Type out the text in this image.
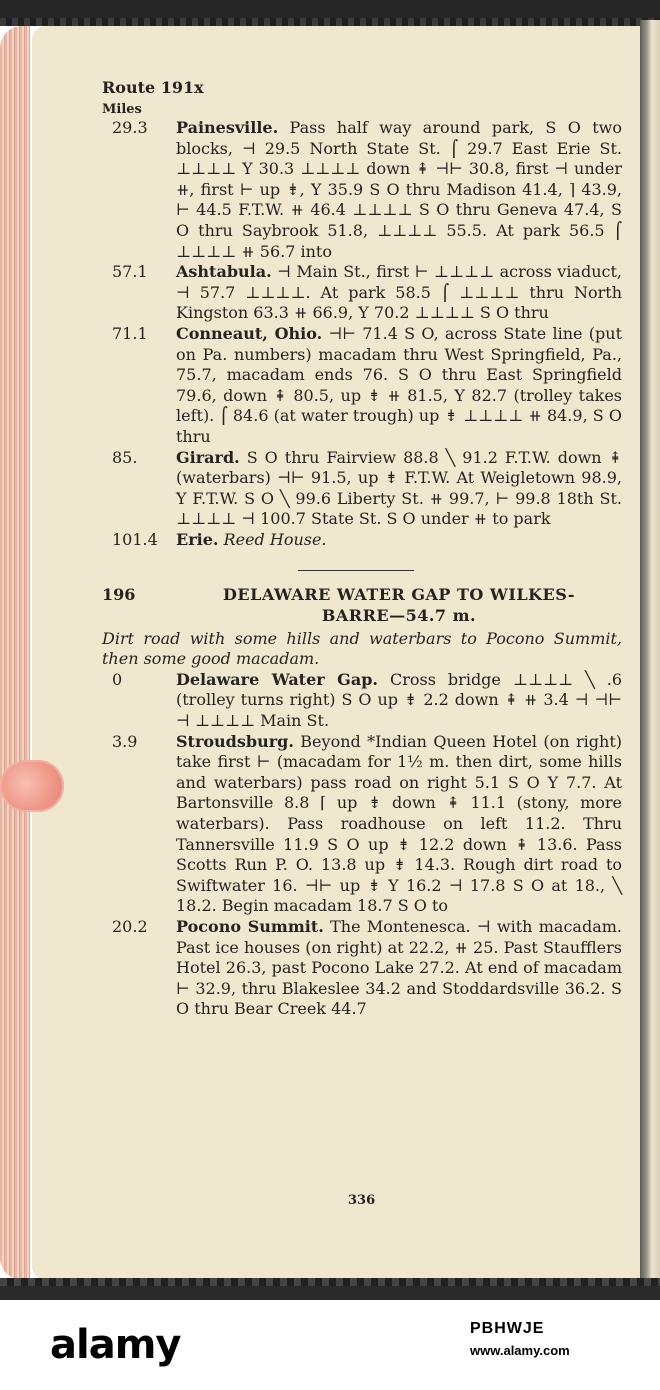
Route 191x
Miles
29.3	Painesville. Pass half way around park, S O two blocks, ⊣ 29.5 North State St. ⌠ 29.7 East Erie St. ⊥⊥⊥⊥ Y 30.3 ⊥⊥⊥⊥ down ⇞ ⊣⊢ 30.8, first ⊣ under ⧺, first ⊢ up ⇟, Y 35.9 S O thru Madison 41.4, ⌉ 43.9, ⊢ 44.5 F.T.W. ⧺ 46.4 ⊥⊥⊥⊥ S O thru Geneva 47.4, S O thru Saybrook 51.8, ⊥⊥⊥⊥ 55.5. At park 56.5 ⌠ ⊥⊥⊥⊥ ⧺ 56.7 into
57.1	Ashtabula. ⊣ Main St., first ⊢ ⊥⊥⊥⊥ across viaduct, ⊣ 57.7 ⊥⊥⊥⊥. At park 58.5 ⌠ ⊥⊥⊥⊥ thru North Kingston 63.3 ⧺ 66.9, Y 70.2 ⊥⊥⊥⊥ S O thru
71.1	Conneaut, Ohio. ⊣⊢ 71.4 S O, across State line (put on Pa. numbers) macadam thru West Springfield, Pa., 75.7, macadam ends 76. S O thru East Springfield 79.6, down ⇞ 80.5, up ⇟ ⧺ 81.5, Y 82.7 (trolley takes left). ⌠ 84.6 (at water trough) up ⇟ ⊥⊥⊥⊥ ⧺ 84.9, S O thru
85.	Girard. S O thru Fairview 88.8 ╲ 91.2 F.T.W. down ⇞ (waterbars) ⊣⊢ 91.5, up ⇟ F.T.W. At Weigletown 98.9, Y F.T.W. S O ╲ 99.6 Liberty St. ⧺ 99.7, ⊢ 99.8 18th St. ⊥⊥⊥⊥ ⊣ 100.7 State St. S O under ⧺ to park
101.4	Erie. Reed House.
196	DELAWARE WATER GAP TO WILKES-
BARRE—54.7 m.
Dirt road with some hills and waterbars to Pocono Summit, then some good macadam.
0	Delaware Water Gap. Cross bridge ⊥⊥⊥⊥ ╲ .6 (trolley turns right) S O up ⇟ 2.2 down ⇞ ⧺ 3.4 ⊣ ⊣⊢ ⊣ ⊥⊥⊥⊥ Main St.
3.9	Stroudsburg. Beyond *Indian Queen Hotel (on right) take first ⊢ (macadam for 1½ m. then dirt, some hills and waterbars) pass road on right 5.1 S O Y 7.7. At Bartonsville 8.8 ⌈ up ⇟ down ⇞ 11.1 (stony, more waterbars). Pass roadhouse on left 11.2. Thru Tannersville 11.9 S O up ⇟ 12.2 down ⇞ 13.6. Pass Scotts Run P. O. 13.8 up ⇟ 14.3. Rough dirt road to Swiftwater 16. ⊣⊢ up ⇟ Y 16.2 ⊣ 17.8 S O at 18., ╲ 18.2. Begin macadam 18.7 S O to
20.2	Pocono Summit. The Montenesca. ⊣ with macadam. Past ice houses (on right) at 22.2, ⧺ 25. Past Staufflers Hotel 26.3, past Pocono Lake 27.2. At end of macadam ⊢ 32.9, thru Blakeslee 34.2 and Stoddardsville 36.2. S O thru Bear Creek 44.7
336
alamy	PBHWJE
www.alamy.com
